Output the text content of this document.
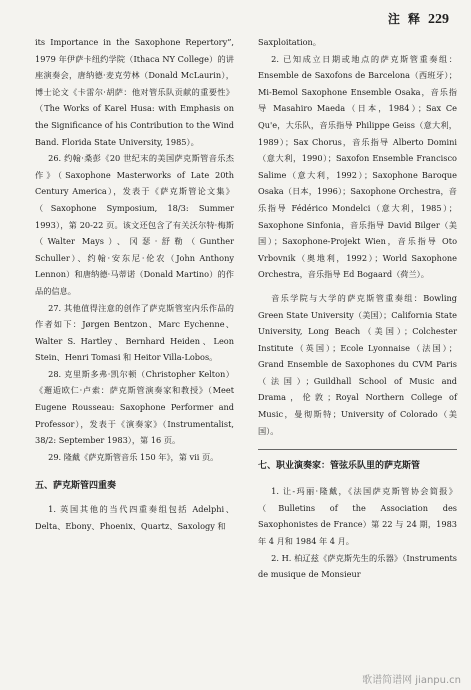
注 释 229

its Importance in the Saxophone Repertory”, 1979 年伊萨卡纽约学院（Ithaca NY College）的讲座演奏会，唐纳德·麦克劳林（Donald McLaurin），博士论文《卡雷尔·胡萨：他对管乐队贡献的重要性》（The Works of Karel Husa: with Emphasis on the Significance of his Contribution to the Wind Band. Florida State University, 1985）。

26. 约翰·桑彭《20 世纪末的美国萨克斯管音乐杰作》（Saxophone Masterworks of Late 20th Century America），发表于《萨克斯管论文集》（Saxophone Symposium, 18/3: Summer 1993），第 20-22 页。该文还包含了有关沃尔特·梅斯（Walter Mays）、冈瑟·舒勒（Gunther Schuller）、约翰·安东尼·伦农（John Anthony Lennon）和唐纳德·马蒂诺（Donald Martino）的作品的信息。

27. 其他值得注意的创作了萨克斯管室内乐作品的作者如下：Jørgen Bentzon、Marc Eychenne、Walter S. Hartley、Bernhard Heiden、Leon Stein、Henri Tomasi 和 Heitor Villa-Lobos。

28. 克里斯多弗·凯尔顿（Christopher Kelton）《邂逅欧仁·卢索：萨克斯管演奏家和教授》（Meet Eugene Rousseau: Saxophone Performer and Professor），发表于《演奏家》（Instrumentalist, 38/2: September 1983），第 16 页。

29. 隆戴《萨克斯管音乐 150 年》，第 vii 页。

五、萨克斯管四重奏

1. 英国其他的当代四重奏组包括 Adelphi、Delta、Ebony、Phoenix、Quartz、Saxology 和

Saxploitation。

2. 已知成立日期或地点的萨克斯管重奏组：Ensemble de Saxofons de Barcelona（西班牙）；Mi-Bemol Saxophone Ensemble Osaka，音乐指导 Masahiro Maeda（日本，1984）；Sax Ce Qu'e，大乐队，音乐指导 Philippe Geiss（意大利，1989）；Sax Chorus，音乐指导 Alberto Domini（意大利，1990）；Saxofon Ensemble Francisco Salime（意大利，1992）；Saxophone Baroque Osaka（日本，1996）；Saxophone Orchestra，音乐指导 Fédérico Mondelci（意大利，1985）；Saxophone Sinfonia，音乐指导 David Bilger（美国）；Saxophone-Projekt Wien，音乐指导 Oto Vrbovnik（奥地利，1992）；World Saxophone Orchestra，音乐指导 Ed Bogaard（荷兰）。

音乐学院与大学的萨克斯管重奏组：Bowling Green State University（美国）；California State University, Long Beach（美国）；Colchester Institute（英国）；Ecole Lyonnaise（法国）；Grand Ensemble de Saxophones du CVM Paris（法国）；Guildhall School of Music and Drama，伦敦；Royal Northern College of Music，曼彻斯特；University of Colorado（美国）。

七、职业演奏家：管弦乐队里的萨克斯管

1. 让-玛丽·隆戴，《法国萨克斯管协会简报》（Bulletins of the Association des Saxophonistes de France）第 22 与 24 期，1983 年 4 月和 1984 年 4 月。

2. H. 柏辽兹《萨克斯先生的乐器》（Instruments de musique de Monsieur

歌谱简谱网 jianpu.cn
